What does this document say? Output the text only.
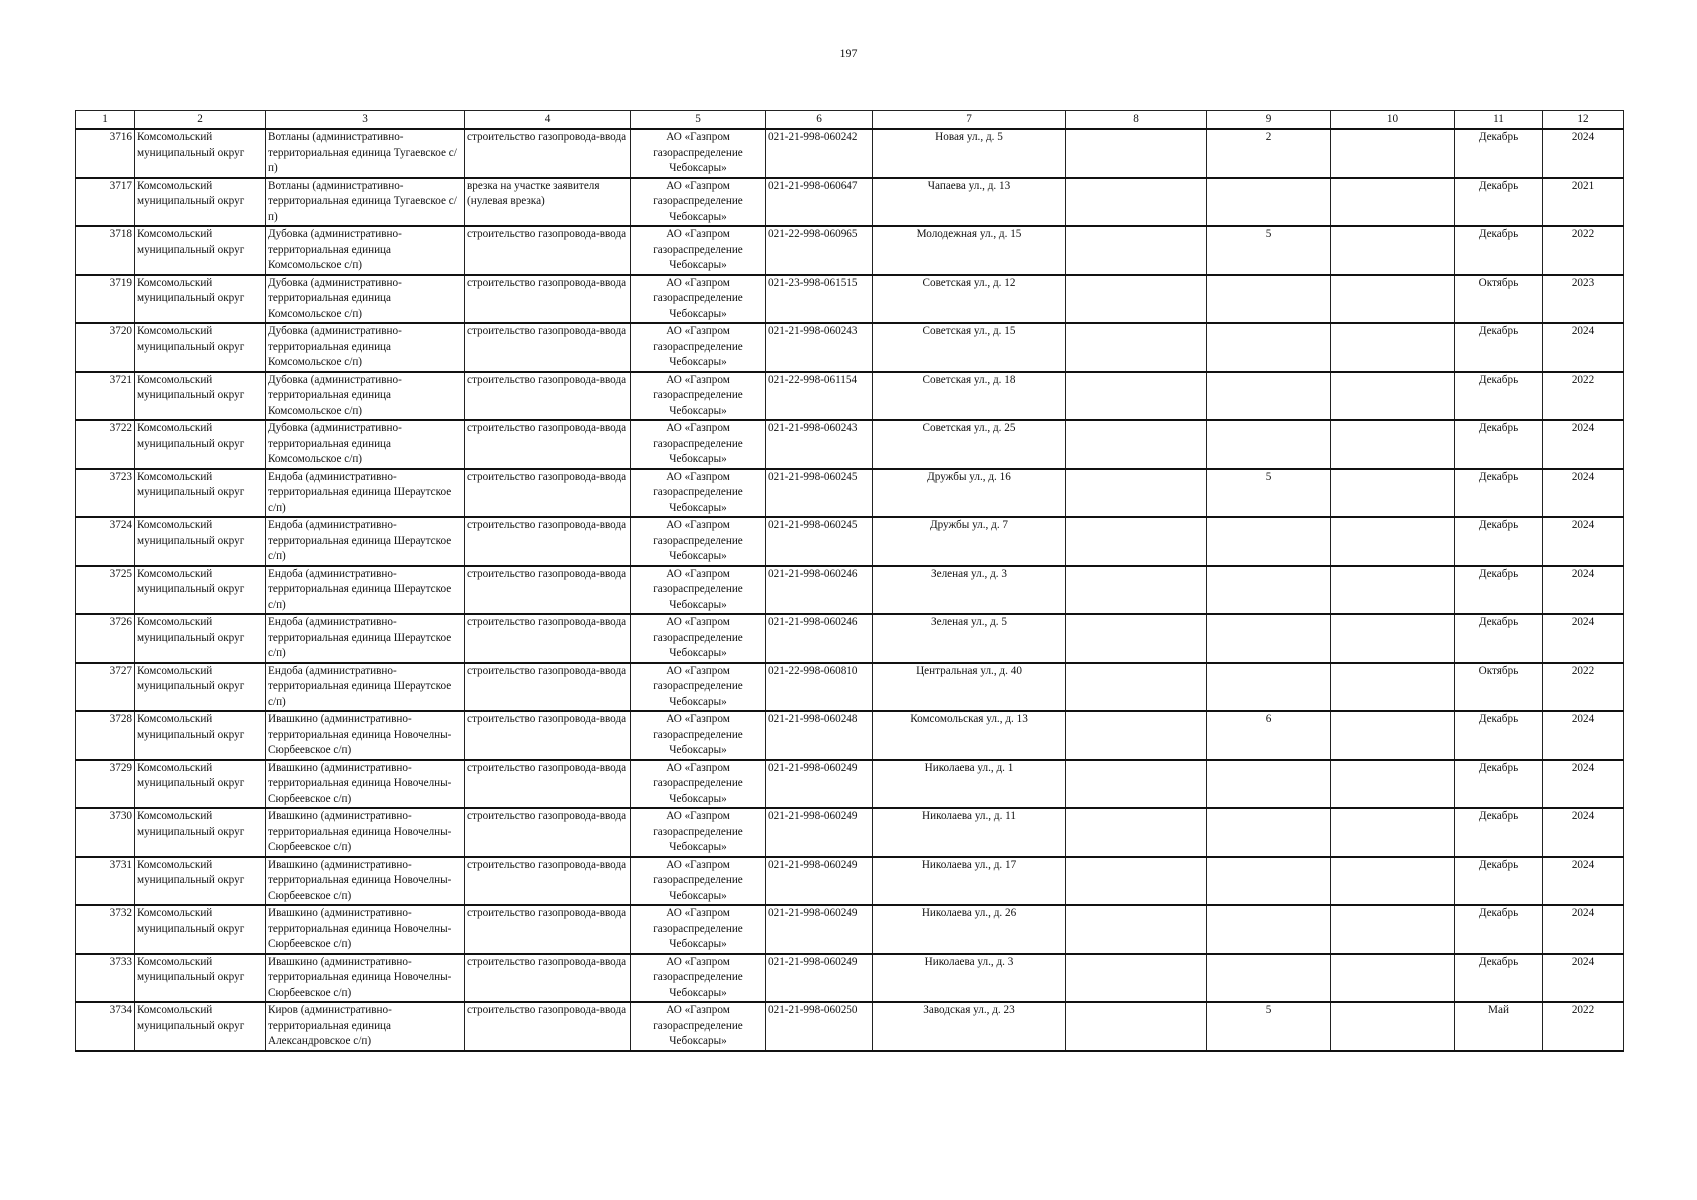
197
1	2	3	4	5	6	7	8	9	10	11	12
3716	Комсомольский муниципальный округ	Вотланы (административно-территориальная единица Тугаевское с/п)	строительство газопровода-ввода	АО «Газпром газораспределение Чебоксары»	021-21-998-060242	Новая ул., д. 5		2		Декабрь	2024
3717	Комсомольский муниципальный округ	Вотланы (административно-территориальная единица Тугаевское с/п)	врезка на участке заявителя (нулевая врезка)	АО «Газпром газораспределение Чебоксары»	021-21-998-060647	Чапаева ул., д. 13				Декабрь	2021
3718	Комсомольский муниципальный округ	Дубовка (административно-территориальная единица Комсомольское с/п)	строительство газопровода-ввода	АО «Газпром газораспределение Чебоксары»	021-22-998-060965	Молодежная ул., д. 15		5		Декабрь	2022
3719	Комсомольский муниципальный округ	Дубовка (административно-территориальная единица Комсомольское с/п)	строительство газопровода-ввода	АО «Газпром газораспределение Чебоксары»	021-23-998-061515	Советская ул., д. 12				Октябрь	2023
3720	Комсомольский муниципальный округ	Дубовка (административно-территориальная единица Комсомольское с/п)	строительство газопровода-ввода	АО «Газпром газораспределение Чебоксары»	021-21-998-060243	Советская ул., д. 15				Декабрь	2024
3721	Комсомольский муниципальный округ	Дубовка (административно-территориальная единица Комсомольское с/п)	строительство газопровода-ввода	АО «Газпром газораспределение Чебоксары»	021-22-998-061154	Советская ул., д. 18				Декабрь	2022
3722	Комсомольский муниципальный округ	Дубовка (административно-территориальная единица Комсомольское с/п)	строительство газопровода-ввода	АО «Газпром газораспределение Чебоксары»	021-21-998-060243	Советская ул., д. 25				Декабрь	2024
3723	Комсомольский муниципальный округ	Ендоба (административно-территориальная единица Шераутское с/п)	строительство газопровода-ввода	АО «Газпром газораспределение Чебоксары»	021-21-998-060245	Дружбы ул., д. 16		5		Декабрь	2024
3724	Комсомольский муниципальный округ	Ендоба (административно-территориальная единица Шераутское с/п)	строительство газопровода-ввода	АО «Газпром газораспределение Чебоксары»	021-21-998-060245	Дружбы ул., д. 7				Декабрь	2024
3725	Комсомольский муниципальный округ	Ендоба (административно-территориальная единица Шераутское с/п)	строительство газопровода-ввода	АО «Газпром газораспределение Чебоксары»	021-21-998-060246	Зеленая ул., д. 3				Декабрь	2024
3726	Комсомольский муниципальный округ	Ендоба (административно-территориальная единица Шераутское с/п)	строительство газопровода-ввода	АО «Газпром газораспределение Чебоксары»	021-21-998-060246	Зеленая ул., д. 5				Декабрь	2024
3727	Комсомольский муниципальный округ	Ендоба (административно-территориальная единица Шераутское с/п)	строительство газопровода-ввода	АО «Газпром газораспределение Чебоксары»	021-22-998-060810	Центральная ул., д. 40				Октябрь	2022
3728	Комсомольский муниципальный округ	Ивашкино (административно-территориальная единица Новочелны-Сюрбеевское с/п)	строительство газопровода-ввода	АО «Газпром газораспределение Чебоксары»	021-21-998-060248	Комсомольская ул., д. 13		6		Декабрь	2024
3729	Комсомольский муниципальный округ	Ивашкино (административно-территориальная единица Новочелны-Сюрбеевское с/п)	строительство газопровода-ввода	АО «Газпром газораспределение Чебоксары»	021-21-998-060249	Николаева ул., д. 1				Декабрь	2024
3730	Комсомольский муниципальный округ	Ивашкино (административно-территориальная единица Новочелны-Сюрбеевское с/п)	строительство газопровода-ввода	АО «Газпром газораспределение Чебоксары»	021-21-998-060249	Николаева ул., д. 11				Декабрь	2024
3731	Комсомольский муниципальный округ	Ивашкино (административно-территориальная единица Новочелны-Сюрбеевское с/п)	строительство газопровода-ввода	АО «Газпром газораспределение Чебоксары»	021-21-998-060249	Николаева ул., д. 17				Декабрь	2024
3732	Комсомольский муниципальный округ	Ивашкино (административно-территориальная единица Новочелны-Сюрбеевское с/п)	строительство газопровода-ввода	АО «Газпром газораспределение Чебоксары»	021-21-998-060249	Николаева ул., д. 26				Декабрь	2024
3733	Комсомольский муниципальный округ	Ивашкино (административно-территориальная единица Новочелны-Сюрбеевское с/п)	строительство газопровода-ввода	АО «Газпром газораспределение Чебоксары»	021-21-998-060249	Николаева ул., д. 3				Декабрь	2024
3734	Комсомольский муниципальный округ	Киров (административно-территориальная единица Александровское с/п)	строительство газопровода-ввода	АО «Газпром газораспределение Чебоксары»	021-21-998-060250	Заводская ул., д. 23		5		Май	2022
